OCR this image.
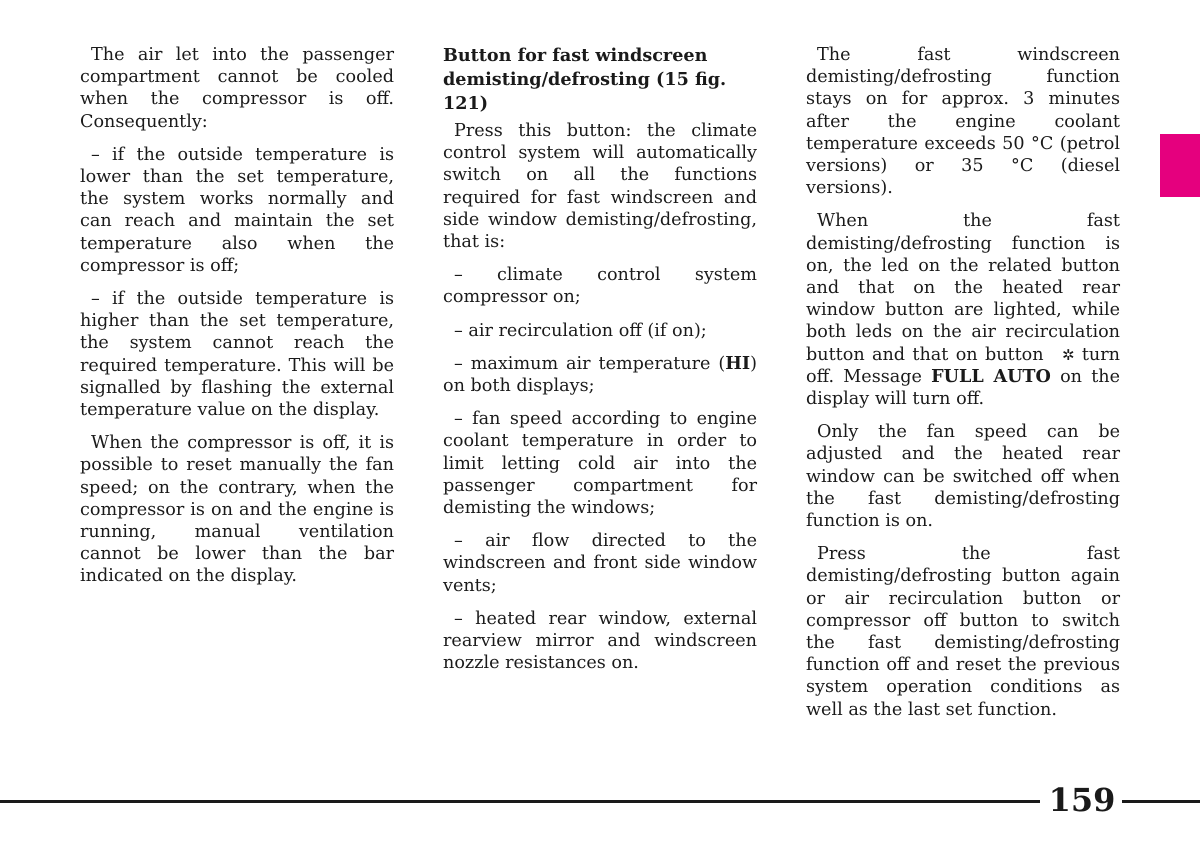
The air let into the passenger compartment cannot be cooled when the compressor is off. Consequently:

– if the outside temperature is lower than the set temperature, the system works normally and can reach and maintain the set temperature also when the compressor is off;

– if the outside temperature is higher than the set temperature, the system cannot reach the required temperature. This will be signalled by flashing the external temperature value on the display.

When the compressor is off, it is possible to reset manually the fan speed; on the contrary, when the compressor is on and the engine is running, manual ventilation cannot be lower than the bar indicated on the display.

Button for fast windscreen demisting/defrosting (15 fig. 121)

Press this button: the climate control system will automatically switch on all the functions required for fast windscreen and side window demisting/defrosting, that is:

– climate control system compressor on;

– air recirculation off (if on);

– maximum air temperature (HI) on both displays;

– fan speed according to engine coolant temperature in order to limit letting cold air into the passenger compartment for demisting the windows;

– air flow directed to the windscreen and front side window vents;

– heated rear window, external rearview mirror and windscreen nozzle resistances on.

The fast windscreen demisting/defrosting function stays on for approx. 3 minutes after the engine coolant temperature exceeds 50 °C (petrol versions) or 35 °C (diesel versions).

When the fast demisting/defrosting function is on, the led on the related button and that on the heated rear window button are lighted, while both leds on the air recirculation button and that on button ✲ turn off. Message FULL AUTO on the display will turn off.

Only the fan speed can be adjusted and the heated rear window can be switched off when the fast demisting/defrosting function is on.

Press the fast demisting/defrosting button again or air recirculation button or compressor off button to switch the fast demisting/defrosting function off and reset the previous system operation conditions as well as the last set function.

159
